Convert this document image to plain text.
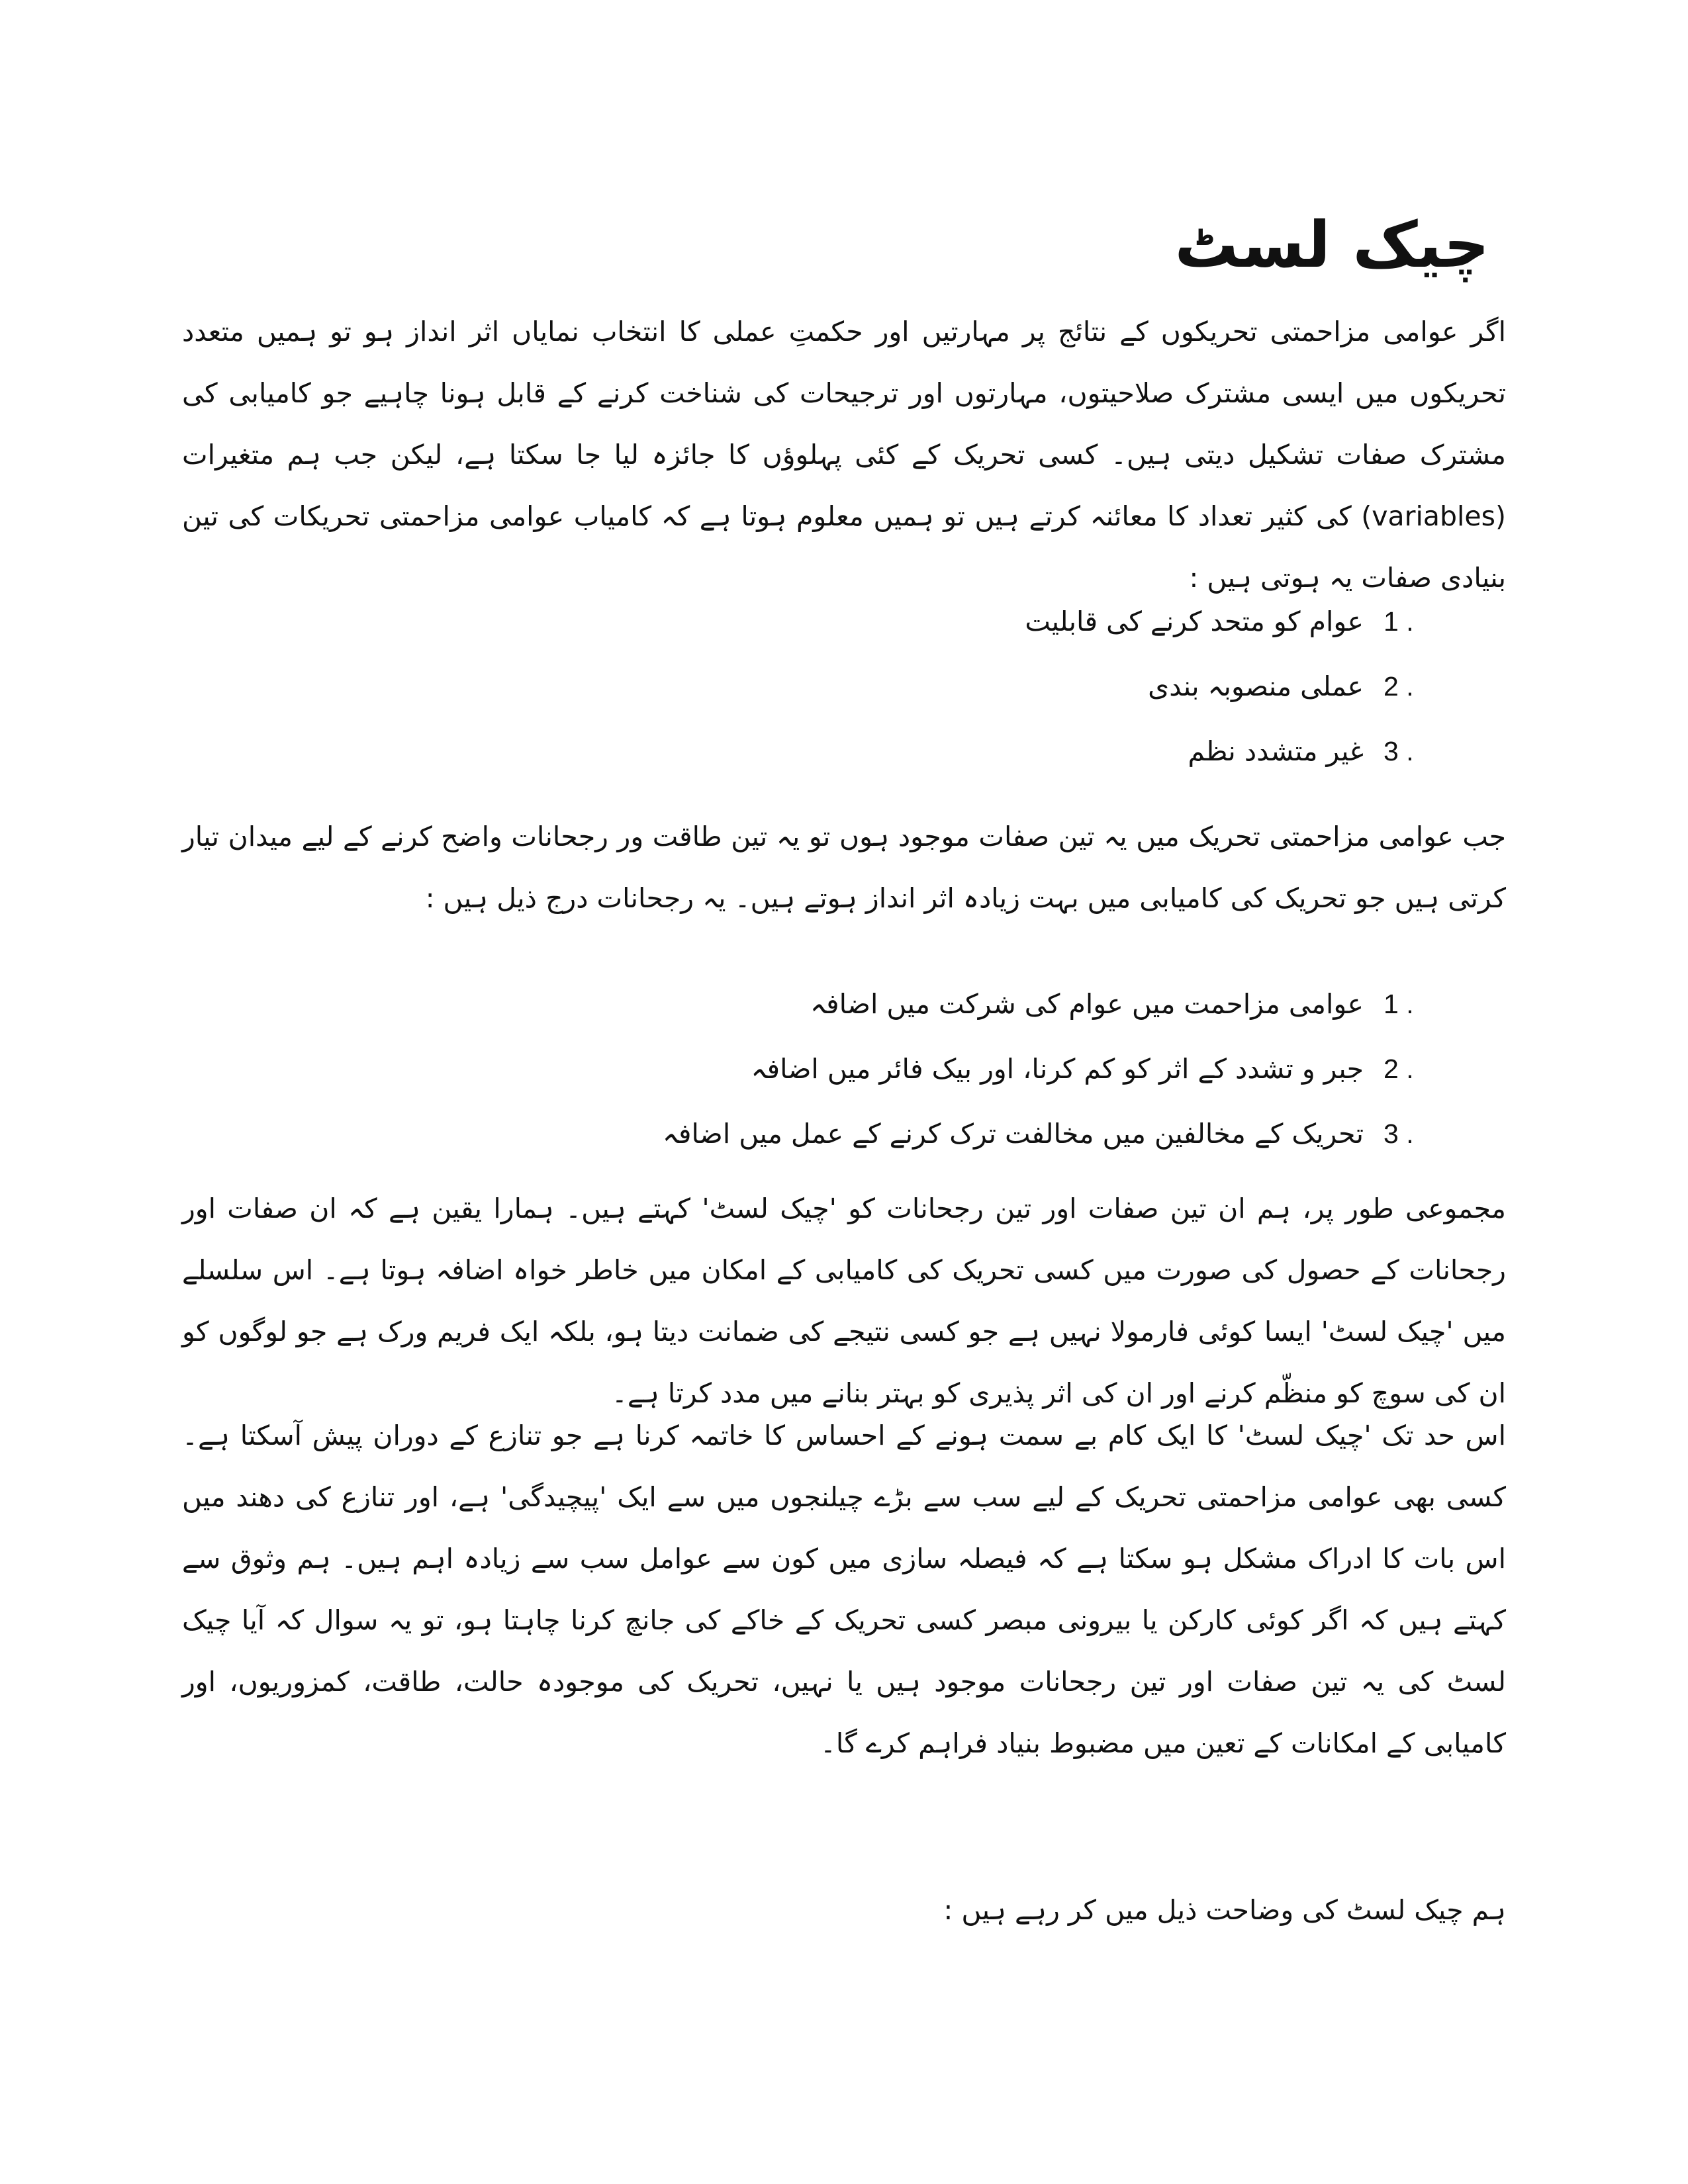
چیک لسٹ

اگر عوامی مزاحمتی تحریکوں کے نتائج پر مہارتیں اور حکمتِ عملی کا انتخاب نمایاں اثر انداز ہو تو ہمیں متعدد تحریکوں میں ایسی مشترک صلاحیتوں، مہارتوں اور ترجیحات کی شناخت کرنے کے قابل ہونا چاہیے جو کامیابی کی مشترک صفات تشکیل دیتی ہیں۔ کسی تحریک کے کئی پہلوؤں کا جائزہ لیا جا سکتا ہے، لیکن جب ہم متغیرات (variables) کی کثیر تعداد کا معائنہ کرتے ہیں تو ہمیں معلوم ہوتا ہے کہ کامیاب عوامی مزاحمتی تحریکات کی تین بنیادی صفات یہ ہوتی ہیں :

1 .
عوام کو متحد کرنے کی قابلیت
2 .
عملی منصوبہ بندی
3 .
غیر متشدد نظم

جب عوامی مزاحمتی تحریک میں یہ تین صفات موجود ہوں تو یہ تین طاقت ور رجحانات واضح کرنے کے لیے میدان تیار کرتی ہیں جو تحریک کی کامیابی میں بہت زیادہ اثر انداز ہوتے ہیں۔ یہ رجحانات درج ذیل ہیں :

1 .
عوامی مزاحمت میں عوام کی شرکت میں اضافہ
2 .
جبر و تشدد کے اثر کو کم کرنا، اور بیک فائر میں اضافہ
3 .
تحریک کے مخالفین میں مخالفت ترک کرنے کے عمل میں اضافہ

مجموعی طور پر، ہم ان تین صفات اور تین رجحانات کو 'چیک لسٹ' کہتے ہیں۔ ہمارا یقین ہے کہ ان صفات اور رجحانات کے حصول کی صورت میں کسی تحریک کی کامیابی کے امکان میں خاطر خواہ اضافہ ہوتا ہے۔ اس سلسلے میں 'چیک لسٹ' ایسا کوئی فارمولا نہیں ہے جو کسی نتیجے کی ضمانت دیتا ہو، بلکہ ایک فریم ورک ہے جو لوگوں کو ان کی سوچ کو منظّم کرنے اور ان کی اثر پذیری کو بہتر بنانے میں مدد کرتا ہے۔

اس حد تک 'چیک لسٹ' کا ایک کام بے سمت ہونے کے احساس کا خاتمہ کرنا ہے جو تنازع کے دوران پیش آسکتا ہے۔ کسی بھی عوامی مزاحمتی تحریک کے لیے سب سے بڑے چیلنجوں میں سے ایک 'پیچیدگی' ہے، اور تنازع کی دھند میں اس بات کا ادراک مشکل ہو سکتا ہے کہ فیصلہ سازی میں کون سے عوامل سب سے زیادہ اہم ہیں۔ ہم وثوق سے کہتے ہیں کہ اگر کوئی کارکن یا بیرونی مبصر کسی تحریک کے خاکے کی جانچ کرنا چاہتا ہو، تو یہ سوال کہ آیا چیک لسٹ کی یہ تین صفات اور تین رجحانات موجود ہیں یا نہیں، تحریک کی موجودہ حالت، طاقت، کمزوریوں، اور کامیابی کے امکانات کے تعین میں مضبوط بنیاد فراہم کرے گا۔

ہم چیک لسٹ کی وضاحت ذیل میں کر رہے ہیں :
